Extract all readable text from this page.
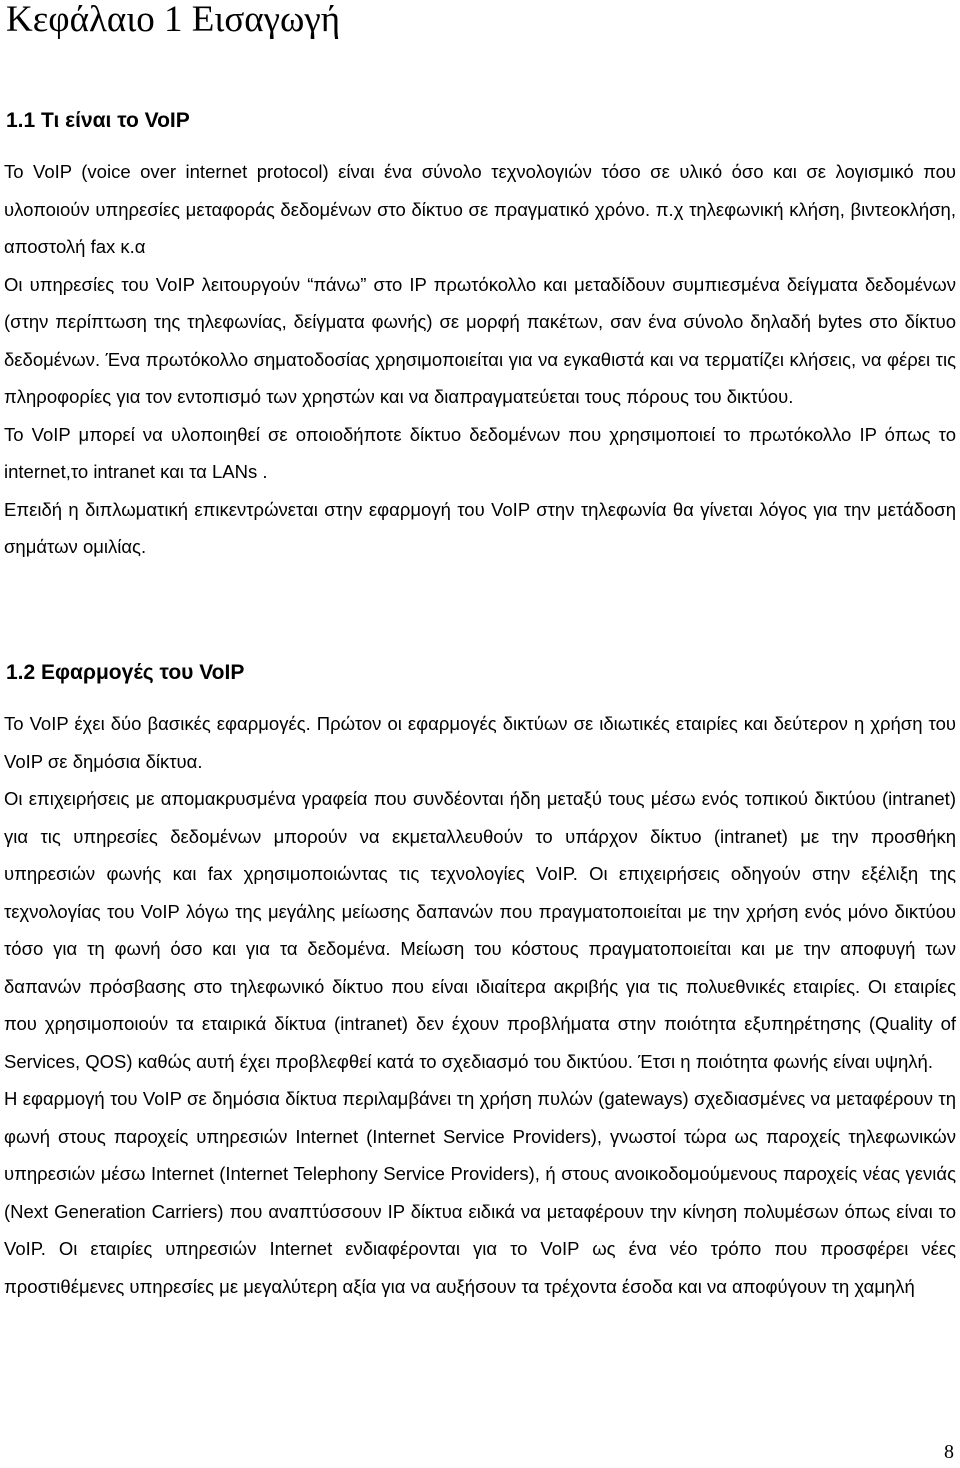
Κεφάλαιο 1 Εισαγωγή
1.1 Τι είναι το VoIP

Το VoIP (voice over internet protocol) είναι ένα σύνολο τεχνολογιών τόσο σε υλικό όσο και σε λογισμικό που υλοποιούν υπηρεσίες μεταφοράς δεδομένων στο δίκτυο σε πραγματικό χρόνο. π.χ τηλεφωνική κλήση, βιντεοκλήση, αποστολή fax κ.α

Οι υπηρεσίες του VoIP λειτουργούν “πάνω” στο IP πρωτόκολλο και μεταδίδουν συμπιεσμένα δείγματα δεδομένων (στην περίπτωση της τηλεφωνίας, δείγματα φωνής) σε μορφή πακέτων, σαν ένα σύνολο δηλαδή bytes στο δίκτυο δεδομένων. Ένα πρωτόκολλο σηματοδοσίας χρησιμοποιείται για να εγκαθιστά και να τερματίζει κλήσεις, να φέρει τις πληροφορίες για τον εντοπισμό των χρηστών και να διαπραγματεύεται τους πόρους του δικτύου.

Το VoIP μπορεί να υλοποιηθεί σε οποιοδήποτε δίκτυο δεδομένων που χρησιμοποιεί το πρωτόκολλο IP όπως το internet,το intranet και τα LANs .

Επειδή η διπλωματική επικεντρώνεται στην εφαρμογή του VoIP στην τηλεφωνία θα γίνεται λόγος για την μετάδοση σημάτων ομιλίας.

1.2 Εφαρμογές του VoIP

Το VoIP έχει δύο βασικές εφαρμογές. Πρώτον οι εφαρμογές δικτύων σε ιδιωτικές εταιρίες και δεύτερον η χρήση του VoIP σε δημόσια δίκτυα.

Οι επιχειρήσεις με απομακρυσμένα γραφεία που συνδέονται ήδη μεταξύ τους μέσω ενός τοπικού δικτύου (intranet) για τις υπηρεσίες δεδομένων μπορούν να εκμεταλλευθούν το υπάρχον δίκτυο (intranet) με την προσθήκη υπηρεσιών φωνής και fax χρησιμοποιώντας τις τεχνολογίες VoIP. Οι επιχειρήσεις οδηγούν στην εξέλιξη της τεχνολογίας του VoIP λόγω της μεγάλης μείωσης δαπανών που πραγματοποιείται με την χρήση ενός μόνο δικτύου τόσο για τη φωνή όσο και για τα δεδομένα. Μείωση του κόστους πραγματοποιείται και με την αποφυγή των δαπανών πρόσβασης στο τηλεφωνικό δίκτυο που είναι ιδιαίτερα ακριβής για τις πολυεθνικές εταιρίες. Οι εταιρίες που χρησιμοποιούν τα εταιρικά δίκτυα (intranet) δεν έχουν προβλήματα στην ποιότητα εξυπηρέτησης (Quality of Services, QOS) καθώς αυτή έχει προβλεφθεί κατά το σχεδιασμό του δικτύου. Έτσι η ποιότητα φωνής είναι υψηλή.

Η εφαρμογή του VoIP σε δημόσια δίκτυα περιλαμβάνει τη χρήση πυλών (gateways) σχεδιασμένες να μεταφέρουν τη φωνή στους παροχείς υπηρεσιών Internet (Internet Service Providers), γνωστοί τώρα ως παροχείς τηλεφωνικών υπηρεσιών μέσω Internet (Internet Telephony Service Providers), ή στους ανοικοδομούμενους παροχείς νέας γενιάς (Next Generation Carriers) που αναπτύσσουν IP δίκτυα ειδικά να μεταφέρουν την κίνηση πολυμέσων όπως είναι το VoIP. Οι εταιρίες υπηρεσιών Internet ενδιαφέρονται για το VoIP ως ένα νέο τρόπο που προσφέρει νέες προστιθέμενες υπηρεσίες με μεγαλύτερη αξία για να αυξήσουν τα τρέχοντα έσοδα και να αποφύγουν τη χαμηλή

8
